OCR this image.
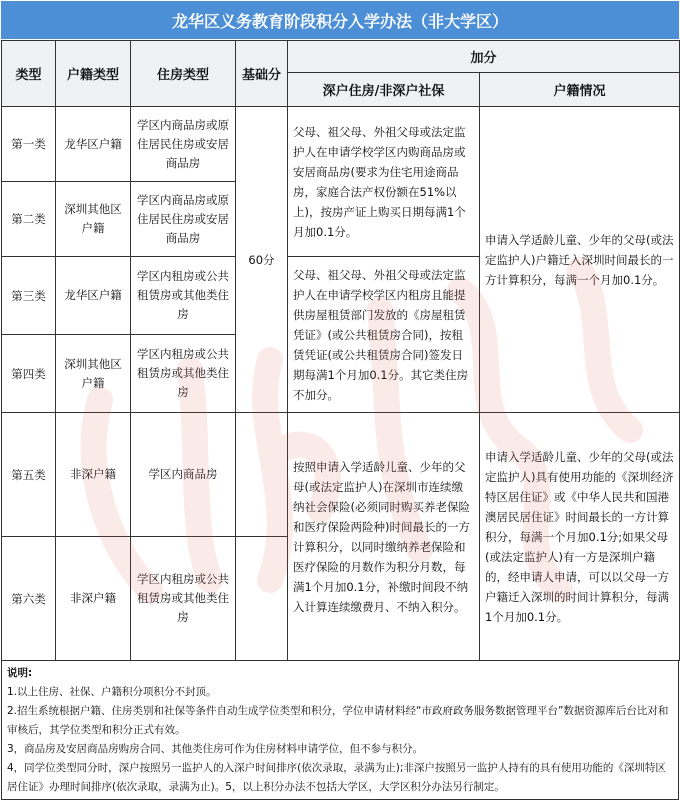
龙华区义务教育阶段积分入学办法（非大学区）
类型	户籍类型	住房类型	基础分	加分	
				深户住房/非深户社保	户籍情况
第一类	龙华区户籍	学区内商品房或原住居民住房或安居商品房	60分	父母、祖父母、外祖父母或法定监护人在申请学校学区内购商品房或安居商品房(要求为住宅用途商品房，家庭合法产权份额在51%以上)，按房产证上购买日期每满1个月加0.1分。	申请入学适龄儿童、少年的父母(或法定监护人)户籍迁入深圳时间最长的一方计算积分，每满一个月加0.1分。
第二类	深圳其他区户籍	学区内商品房或原住居民住房或安居商品房			
第三类	龙华区户籍	学区内租房或公共租赁房或其他类住房		父母、祖父母、外祖父母或法定监护人在申请学校学区内租房且能提供房屋租赁部门发放的《房屋租赁凭证》(或公共租赁房合同)，按租赁凭证(或公共租赁房合同)签发日期每满1个月加0.1分。其它类住房不加分。	
第四类	深圳其他区户籍	学区内租房或公共租赁房或其他类住房			
第五类	非深户籍	学区内商品房		按照申请入学适龄儿童、少年的父母(或法定监护人)在深圳市连续缴纳社会保险(必须同时购买养老保险和医疗保险两险种)时间最长的一方计算积分，以同时缴纳养老保险和医疗保险的月数作为积分月数，每满1个月加0.1分，补缴时间段不纳入计算连续缴费月、不纳入积分。	申请入学适龄儿童、少年的父母(或法定监护人)具有使用功能的《深圳经济特区居住证》或《中华人民共和国港澳居民居住证》时间最长的一方计算积分，每满一个月加0.1分;如果父母(或法定监护人)有一方是深圳户籍的，经申请人申请，可以以父母一方户籍迁入深圳的时间计算积分，每满1个月加0.1分。
第六类	非深户籍	学区内租房或公共租赁房或其他类住房			
说明:
1.以上住房、社保、户籍积分项积分不封顶。
2.招生系统根据户籍、住房类别和社保等条件自动生成学位类型和积分，学位申请材料经“市政府政务服务数据管理平台”数据资源库后台比对和审核后，其学位类型和积分正式有效。
3，商品房及安居商品房购房合同、其他类住房可作为住房材料申请学位，但不参与积分。
4，同学位类型同分时，深户按照另一监护人的入深户时间排序(依次录取，录满为止);非深户按照另一监护人持有的具有使用功能的《深圳特区居住证》办理时间排序(依次录取，录满为止)。5，以上积分办法不包括大学区，大学区积分办法另行制定。
